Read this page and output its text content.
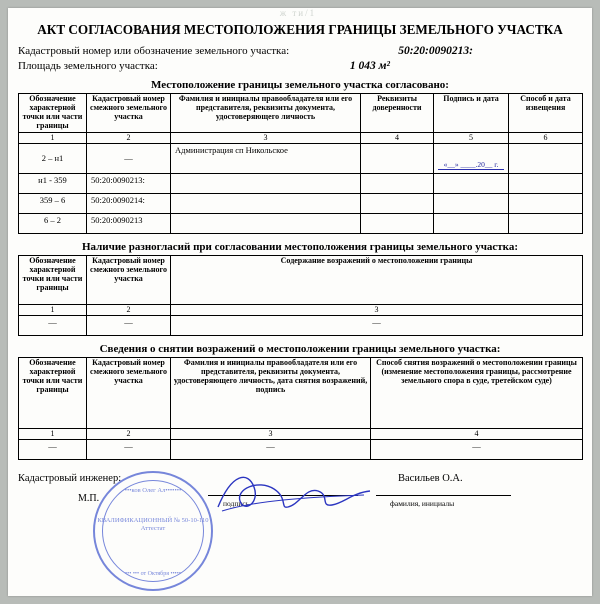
ж ти/1
АКТ СОГЛАСОВАНИЯ МЕСТОПОЛОЖЕНИЯ ГРАНИЦЫ ЗЕМЕЛЬНОГО УЧАСТКА
Кадастровый номер или обозначение земельного участка:	50:20:0090213:
Площадь земельного участка:	1 043 м²
Местоположение границы земельного участка согласовано:
Обозначение характерной точки или части границы	Кадастровый номер смежного земельного участка	Фамилия и инициалы правообладателя или его представителя, реквизиты документа, удостоверяющего личность	Реквизиты доверенности	Подпись и дата	Способ и дата извещения
1	2	3	4	5	6
2 – н1	—	Администрация сп Никольское		«__» ____.20__ г.	

н1 - 359	50:20:0090213:				
359 – 6	50:20:0090214:				
6 – 2	50:20:0090213				
Наличие разногласий при согласовании местоположения границы земельного участка:
Обозначение характерной точки или части границы	Кадастровый номер смежного земельного участка	Содержание возражений о местоположении границы
1	2	3
—	—	—
Сведения о снятии возражений о местоположении границы земельного участка:
Обозначение характерной точки или части границы	Кадастровый номер смежного земельного участка	Фамилия и инициалы правообладателя или его представителя, реквизиты документа, удостоверяющего личность, дата снятия возражений, подпись	Способ снятия возражений о местоположении границы (изменение местоположения границы, рассмотрение земельного спора в суде, третейском суде)
1	2	3	4
—	—	—	—
Кадастровый инженер:
М.П.	подпись
Васильев О.А.
фамилия, инициалы
•••ков Олег Ал•••••••
КВАЛИФИКАЦИОННЫЙ № 50-10-110 Аттестат
••• ••• от Октября •••••
